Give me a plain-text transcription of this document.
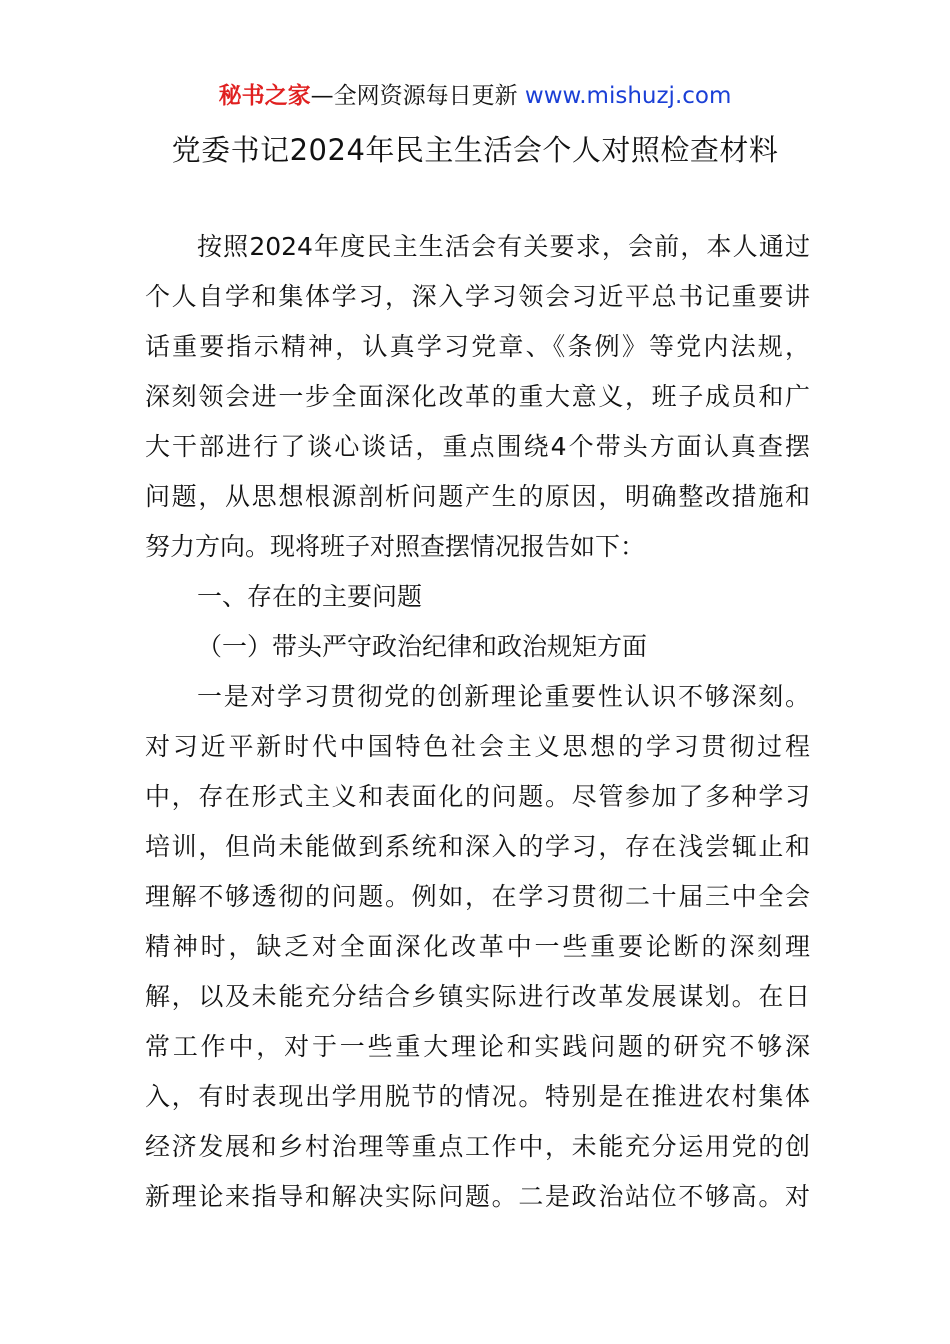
秘书之家—全网资源每日更新 www.mishuzj.com
党委书记2024年民主生活会个人对照检查材料
按照2024年度民主生活会有关要求，会前，本人通过
个人自学和集体学习，深入学习领会习近平总书记重要讲
话重要指示精神，认真学习党章、《条例》等党内法规，
深刻领会进一步全面深化改革的重大意义，班子成员和广
大干部进行了谈心谈话，重点围绕4个带头方面认真查摆
问题，从思想根源剖析问题产生的原因，明确整改措施和
努力方向。现将班子对照查摆情况报告如下：
一、存在的主要问题
（一）带头严守政治纪律和政治规矩方面
一是对学习贯彻党的创新理论重要性认识不够深刻。
对习近平新时代中国特色社会主义思想的学习贯彻过程
中，存在形式主义和表面化的问题。尽管参加了多种学习
培训，但尚未能做到系统和深入的学习，存在浅尝辄止和
理解不够透彻的问题。例如，在学习贯彻二十届三中全会
精神时，缺乏对全面深化改革中一些重要论断的深刻理
解，以及未能充分结合乡镇实际进行改革发展谋划。在日
常工作中，对于一些重大理论和实践问题的研究不够深
入，有时表现出学用脱节的情况。特别是在推进农村集体
经济发展和乡村治理等重点工作中，未能充分运用党的创
新理论来指导和解决实际问题。二是政治站位不够高。对
